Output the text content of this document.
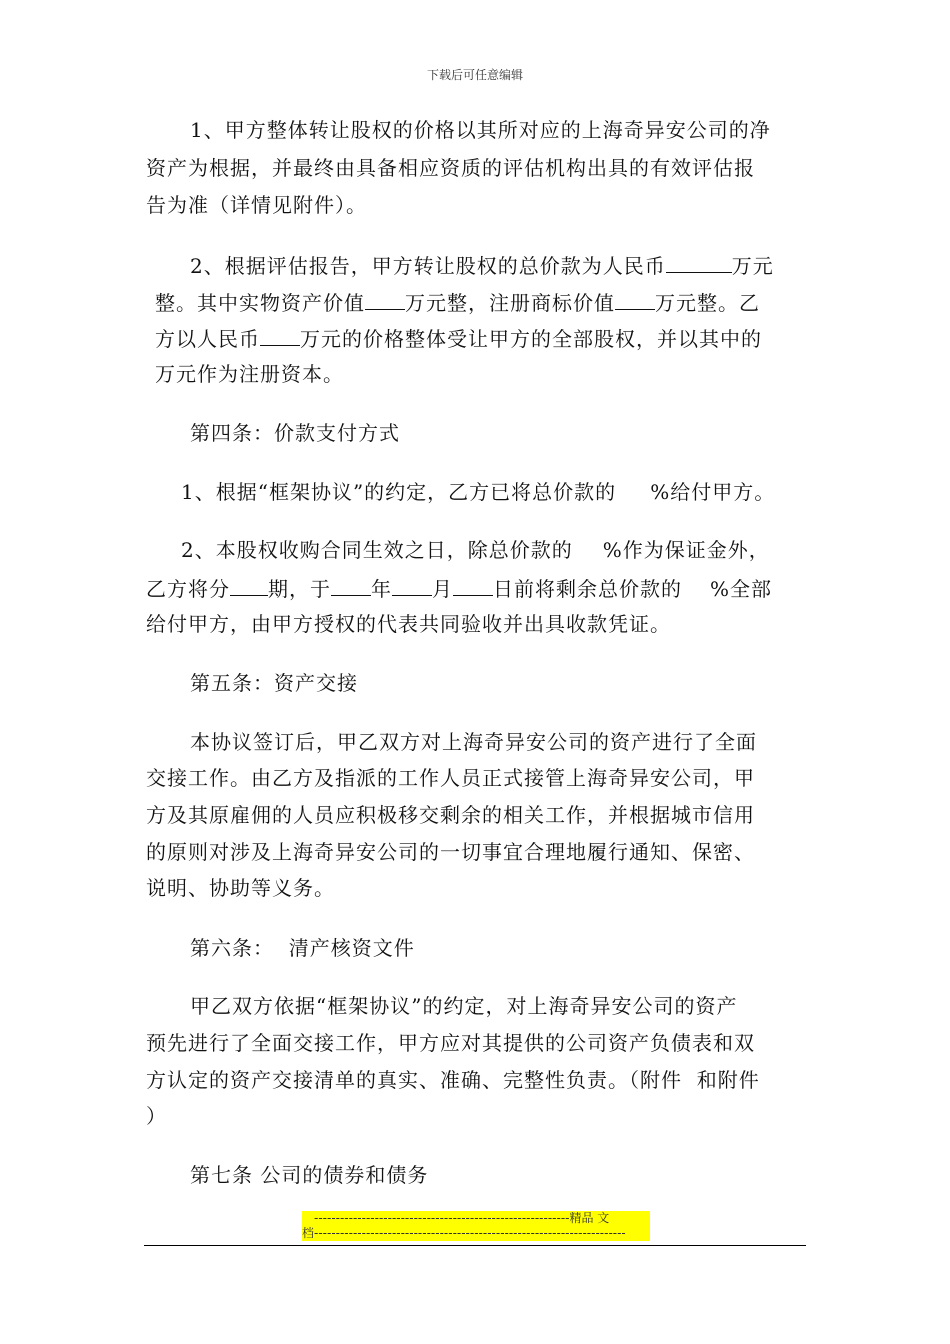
下载后可任意编辑
1、甲方整体转让股权的价格以其所对应的上海奇异安公司的净
资产为根据，并最终由具备相应资质的评估机构出具的有效评估报
告为准（详情见附件）。
2、根据评估报告，甲方转让股权的总价款为人民币	万元
整。其中实物资产价值 万元整，注册商标价值 万元整。乙
方以人民币 万元的价格整体受让甲方的全部股权，并以其中的
万元作为注册资本。
第四条：价款支付方式
1、根据“框架协议”的约定，乙方已将总价款的 %给付甲方。
2、本股权收购合同生效之日，除总价款的 %作为保证金外，
乙方将分 期，于 年 月 日前将剩余总价款的 %全部
给付甲方，由甲方授权的代表共同验收并出具收款凭证。
第五条：资产交接
本协议签订后，甲乙双方对上海奇异安公司的资产进行了全面
交接工作。由乙方及指派的工作人员正式接管上海奇异安公司，甲
方及其原雇佣的人员应积极移交剩余的相关工作，并根据城市信用
的原则对涉及上海奇异安公司的一切事宜合理地履行通知、保密、
说明、协助等义务。
第六条：  清产核资文件
甲乙双方依据“框架协议”的约定，对上海奇异安公司的资产
预先进行了全面交接工作，甲方应对其提供的公司资产负债表和双
方认定的资产交接清单的真实、准确、完整性负责。（附件  和附件
）
第七条 公司的债券和债务
-----------------------------------------------------------精品 文
档------------------------------------------------------------------------
